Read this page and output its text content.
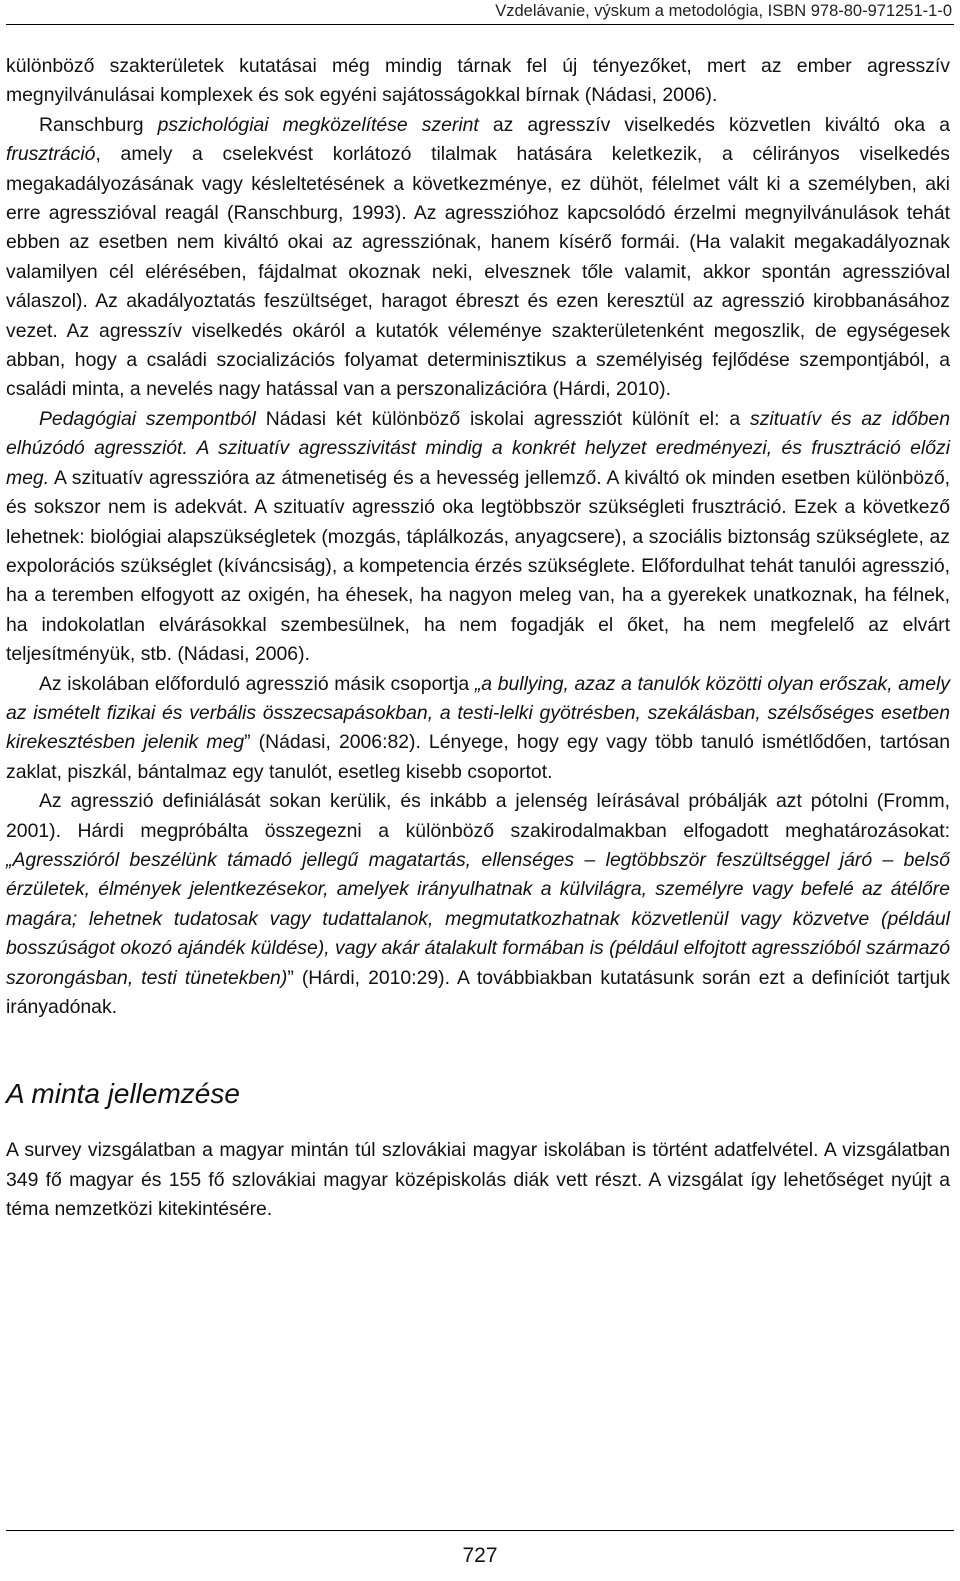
Vzdelávanie, výskum a metodológia, ISBN 978-80-971251-1-0

különböző szakterületek kutatásai még mindig tárnak fel új tényezőket, mert az ember agresszív megnyilvánulásai komplexek és sok egyéni sajátosságokkal bírnak (Nádasi, 2006).

Ranschburg pszichológiai megközelítése szerint az agresszív viselkedés közvetlen kiváltó oka a frusztráció, amely a cselekvést korlátozó tilalmak hatására keletkezik, a célirányos viselkedés megakadályozásának vagy késleltetésének a következménye, ez dühöt, félelmet vált ki a személyben, aki erre agresszióval reagál (Ranschburg, 1993). Az agresszióhoz kapcsolódó érzelmi megnyilvánulások tehát ebben az esetben nem kiváltó okai az agressziónak, hanem kísérő formái. (Ha valakit megakadályoznak valamilyen cél elérésében, fájdalmat okoznak neki, elvesznek tőle valamit, akkor spontán agresszióval válaszol). Az akadályoztatás feszültséget, haragot ébreszt és ezen keresztül az agresszió kirobbanásához vezet. Az agresszív viselkedés okáról a kutatók véleménye szakterületenként megoszlik, de egységesek abban, hogy a családi szocializációs folyamat determinisztikus a személyiség fejlődése szempontjából, a családi minta, a nevelés nagy hatással van a perszonalizációra (Hárdi, 2010).

Pedagógiai szempontból Nádasi két különböző iskolai agressziót különít el: a szituatív és az időben elhúzódó agressziót. A szituatív agresszivitást mindig a konkrét helyzet eredményezi, és frusztráció előzi meg. A szituatív agresszióra az átmenetiség és a hevesség jellemző. A kiváltó ok minden esetben különböző, és sokszor nem is adekvát. A szituatív agresszió oka legtöbbször szükségleti frusztráció. Ezek a következő lehetnek: biológiai alapszükségletek (mozgás, táplálkozás, anyagcsere), a szociális biztonság szükséglete, az expolorációs szükséglet (kíváncsiság), a kompetencia érzés szükséglete. Előfordulhat tehát tanulói agresszió, ha a teremben elfogyott az oxigén, ha éhesek, ha nagyon meleg van, ha a gyerekek unatkoznak, ha félnek, ha indokolatlan elvárásokkal szembesülnek, ha nem fogadják el őket, ha nem megfelelő az elvárt teljesítményük, stb. (Nádasi, 2006).

Az iskolában előforduló agresszió másik csoportja „a bullying, azaz a tanulók közötti olyan erőszak, amely az ismételt fizikai és verbális összecsapásokban, a testi-lelki gyötrésben, szekálásban, szélsőséges esetben kirekesztésben jelenik meg” (Nádasi, 2006:82). Lényege, hogy egy vagy több tanuló ismétlődően, tartósan zaklat, piszkál, bántalmaz egy tanulót, esetleg kisebb csoportot.

Az agresszió definiálását sokan kerülik, és inkább a jelenség leírásával próbálják azt pótolni (Fromm, 2001). Hárdi megpróbálta összegezni a különböző szakirodalmakban elfogadott meghatározásokat: „Agresszióról beszélünk támadó jellegű magatartás, ellenséges – legtöbbször feszültséggel járó – belső érzületek, élmények jelentkezésekor, amelyek irányulhatnak a külvilágra, személyre vagy befelé az átélőre magára; lehetnek tudatosak vagy tudattalanok, megmutatkozhatnak közvetlenül vagy közvetve (például bosszúságot okozó ajándék küldése), vagy akár átalakult formában is (például elfojtott agresszióból származó szorongásban, testi tünetekben)” (Hárdi, 2010:29). A továbbiakban kutatásunk során ezt a definíciót tartjuk irányadónak.

A minta jellemzése

A survey vizsgálatban a magyar mintán túl szlovákiai magyar iskolában is történt adatfelvétel. A vizsgálatban 349 fő magyar és 155 fő szlovákiai magyar középiskolás diák vett részt. A vizsgálat így lehetőséget nyújt a téma nemzetközi kitekintésére.

727
